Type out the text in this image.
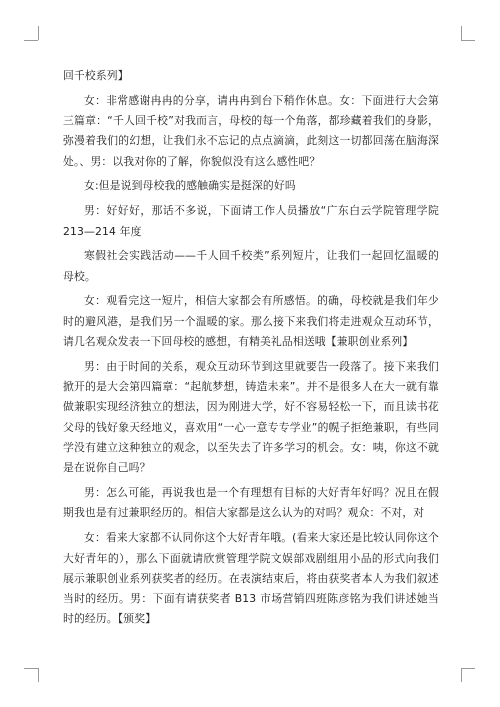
回千校系列】

女：非常感谢冉冉的分享，请冉冉到台下稍作休息。女：下面进行大会第三篇章：“千人回千校”对我而言，母校的每一个角落，都珍藏着我们的身影，弥漫着我们的幻想，让我们永不忘记的点点滴滴，此刻这一切都回荡在脑海深处。、男：以我对你的了解，你貌似没有这么感性吧？

女:但是说到母校我的感触确实是挺深的好吗

男：好好好，那话不多说，下面请工作人员播放“广东白云学院管理学院 213—214 年度

寒假社会实践活动——千人回千校类”系列短片，让我们一起回忆温暖的母校。

女：观看完这一短片，相信大家都会有所感悟。的确，母校就是我们年少时的避风港，是我们另一个温暖的家。那么接下来我们将走进观众互动环节，请几名观众发表一下回母校的感想，有精美礼品相送哦【兼职创业系列】

男：由于时间的关系，观众互动环节到这里就要告一段落了。接下来我们掀开的是大会第四篇章：“起航梦想，铸造未来”。并不是很多人在大一就有靠做兼职实现经济独立的想法，因为刚进大学，好不容易轻松一下，而且读书花父母的钱好象天经地义，喜欢用“一心一意专专学业”的幌子拒绝兼职，有些同学没有建立这种独立的观念，以至失去了许多学习的机会。女：咦，你这不就是在说你自己吗？

男：怎么可能，再说我也是一个有理想有目标的大好青年好吗？况且在假期我也是有过兼职经历的。相信大家都是这么认为的对吗？观众：不对，对

女：看来大家都不认同你这个大好青年哦。(看来大家还是比较认同你这个大好青年的），那么下面就请欣赏管理学院文娱部戏剧组用小品的形式向我们展示兼职创业系列获奖者的经历。在表演结束后，将由获奖者本人为我们叙述当时的经历。男：下面有请获奖者 B13 市场营销四班陈彦铭为我们讲述她当时的经历。【颁奖】
